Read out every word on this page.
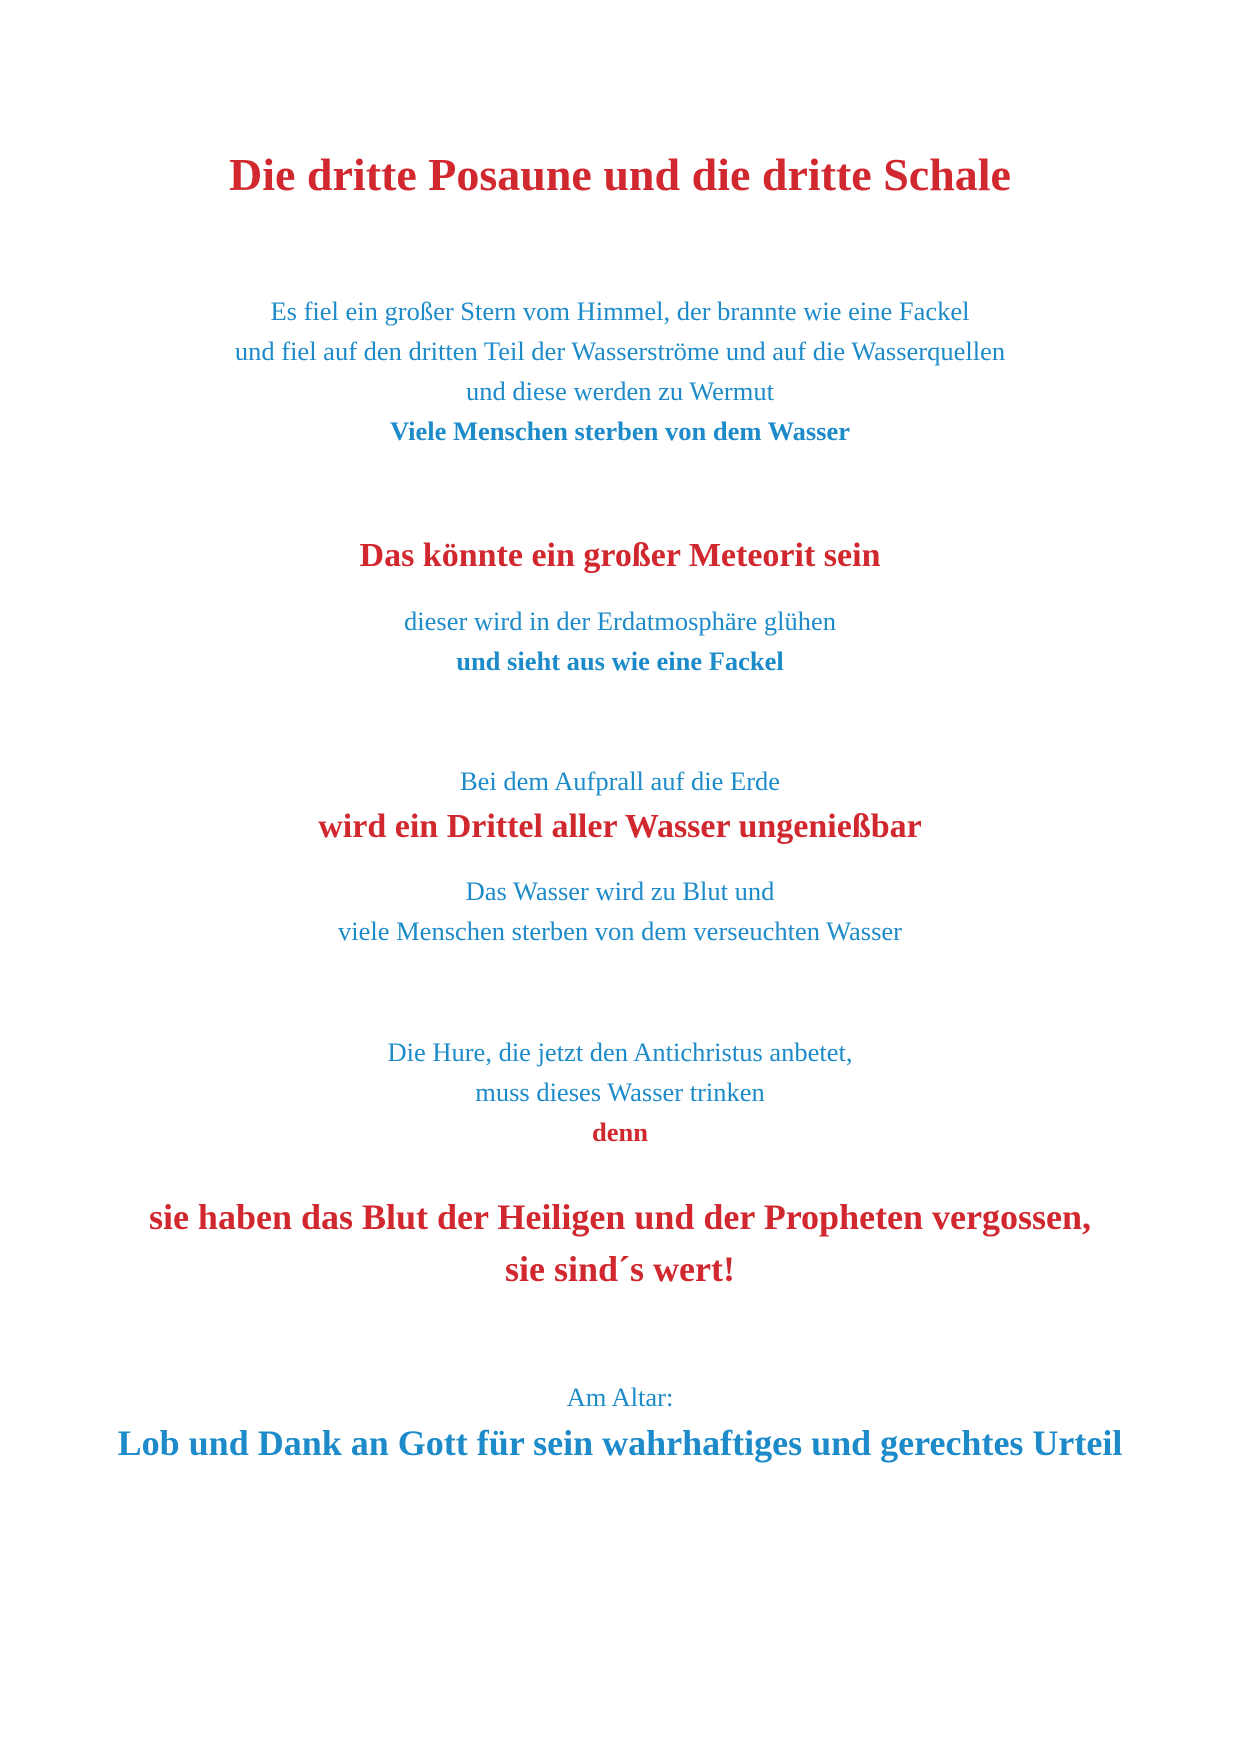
Die dritte Posaune und die dritte Schale

Es fiel ein großer Stern vom Himmel, der brannte wie eine Fackel

und fiel auf den dritten Teil der Wasserströme und auf die Wasserquellen

und diese werden zu Wermut

Viele Menschen sterben von dem Wasser

Das könnte ein großer Meteorit sein

dieser wird in der Erdatmosphäre glühen

und sieht aus wie eine Fackel

Bei dem Aufprall auf die Erde

wird ein Drittel aller Wasser ungenießbar

Das Wasser wird zu Blut und

viele Menschen sterben von dem verseuchten Wasser

Die Hure, die jetzt den Antichristus anbetet,

muss dieses Wasser trinken

denn

sie haben das Blut der Heiligen und der Propheten vergossen,

sie sind´s wert!

Am Altar:

Lob und Dank an Gott für sein wahrhaftiges und gerechtes Urteil
